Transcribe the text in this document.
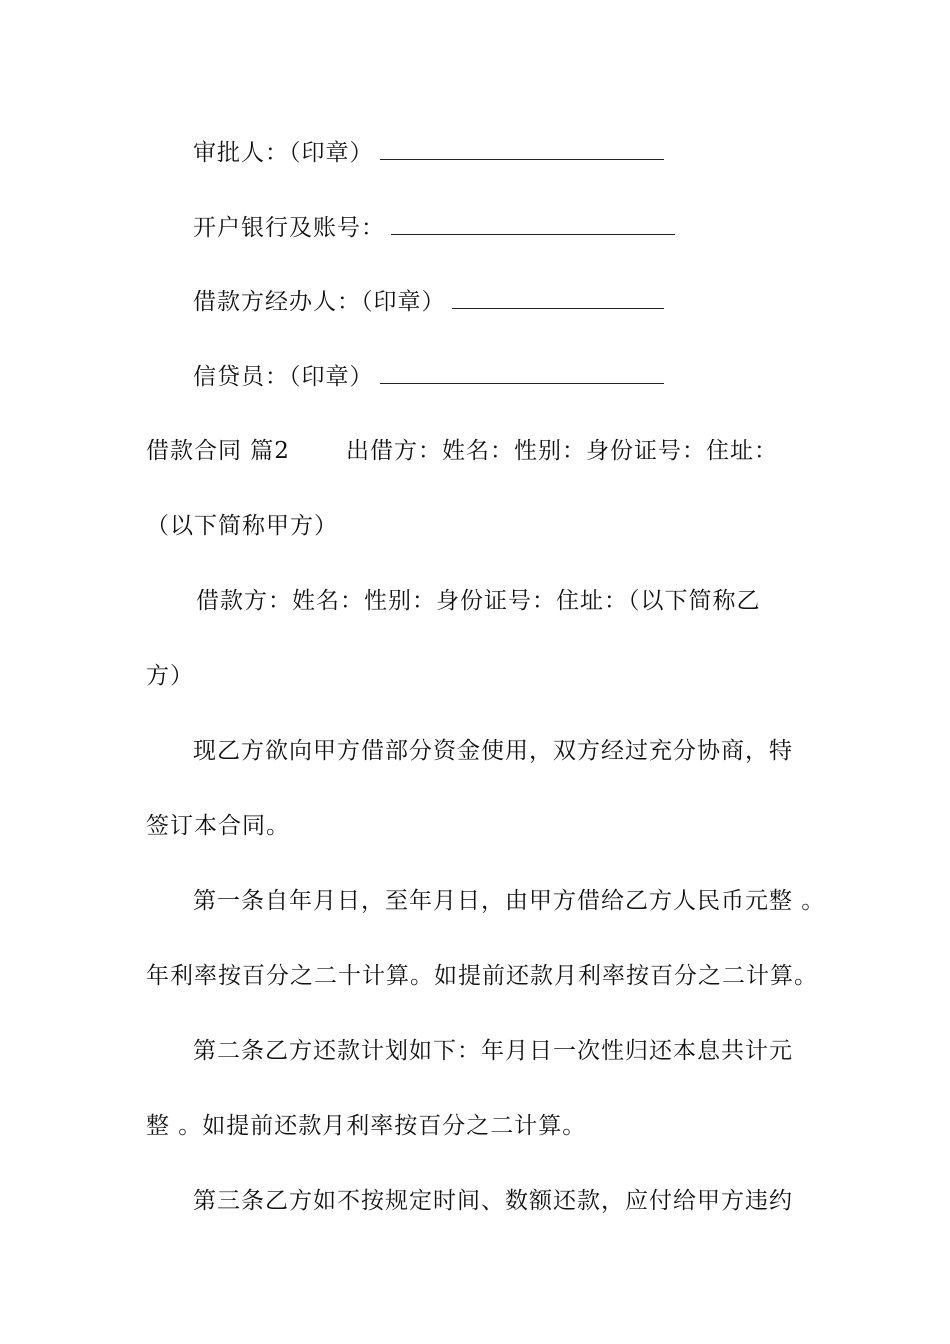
审批人：（印章）
开户银行及账号：
借款方经办人：（印章）
信贷员：（印章）
借款合同 篇2 出借方：姓名：性别：身份证号：住址：
（以下简称甲方）
借款方：姓名：性别：身份证号：住址：（以下简称乙
方）
现乙方欲向甲方借部分资金使用，双方经过充分协商，特
签订本合同。
第一条自年月日，至年月日，由甲方借给乙方人民币元整 。
年利率按百分之二十计算。如提前还款月利率按百分之二计算。
第二条乙方还款计划如下：年月日一次性归还本息共计元
整 。如提前还款月利率按百分之二计算。
第三条乙方如不按规定时间、数额还款，应付给甲方违约
